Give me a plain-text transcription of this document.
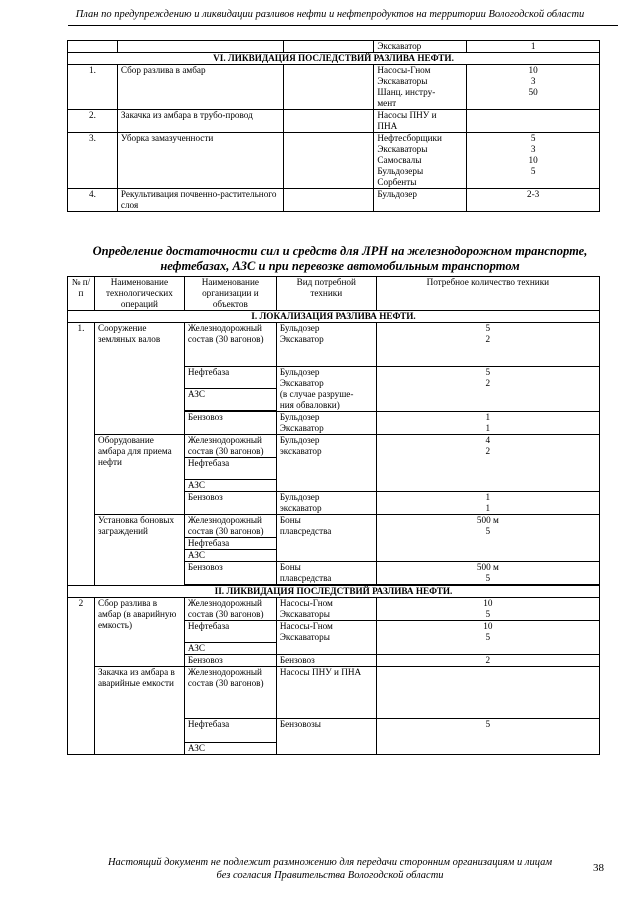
План по предупреждению и ликвидации разливов нефти и нефтепродуктов на территории Вологодской области
			Экскаватор	1
VI. ЛИКВИДАЦИЯ ПОСЛЕДСТВИЙ РАЗЛИВА НЕФТИ.				
1.	Сбор разлива в амбар		Насосы-Гном
Экскаваторы
Шанц. инстру-
мент	10
3
50

2.	Закачка из амбара в трубо-провод		Насосы ПНУ и
ПНА	

3.	Уборка замазученности		Нефтесборщики
Экскаваторы
Самосвалы
Бульдозеры
Сорбенты	5
3
10
5

4.	Рекультивация почвенно-растительного слоя		Бульдозер	2-3
Определение достаточности сил и средств для ЛРН на железнодорожном транспорте, нефтебазах, АЗС и при перевозке автомобильным транспортом
№ п/п	Наименование технологических операций	Наименование организации и объектов	Вид потребной техники	Потребное количество техники
I. ЛОКАЛИЗАЦИЯ РАЗЛИВА НЕФТИ.				
1.	Сооружение земляных валов	Железнодорожный состав (30 вагонов)	Бульдозер
Экскаватор	5
2

		Нефтебаза	Бульдозер
Экскаватор
(в случае разруше-
ния обваловки)	5
2

		АЗС		

		Бензовоз	Бульдозер
Экскаватор	1
1

	Оборудование амбара для приема нефти	Железнодорожный состав (30 вагонов)	Бульдозер
экскаватор	4
2

		Нефтебаза		
		АЗС		
		Бензовоз	Бульдозер
экскаватор	1
1

	Установка боновых заграждений	Железнодорожный состав (30 вагонов)	Боны
плавсредства	500 м
5

		Нефтебаза		
		АЗС		
		Бензовоз	Боны
плавсредства	500 м
5

II. ЛИКВИДАЦИЯ ПОСЛЕДСТВИЙ РАЗЛИВА НЕФТИ.				
2	Сбор разлива в амбар (в аварийную емкость)	Железнодорожный состав (30 вагонов)	Насосы-Гном
Экскаваторы	10
5

		Нефтебаза	Насосы-Гном
Экскаваторы	10
5

		АЗС		
		Бензовоз	Бензовоз	2
	Закачка из амбара в аварийные емкости	Железнодорожный состав (30 вагонов)	Насосы ПНУ и ПНА	
		Нефтебаза	Бензовозы	5
		АЗС		
Настоящий документ не подлежит размножению для передачи сторонним организациям и лицам
без согласия Правительства Вологодской области
38
